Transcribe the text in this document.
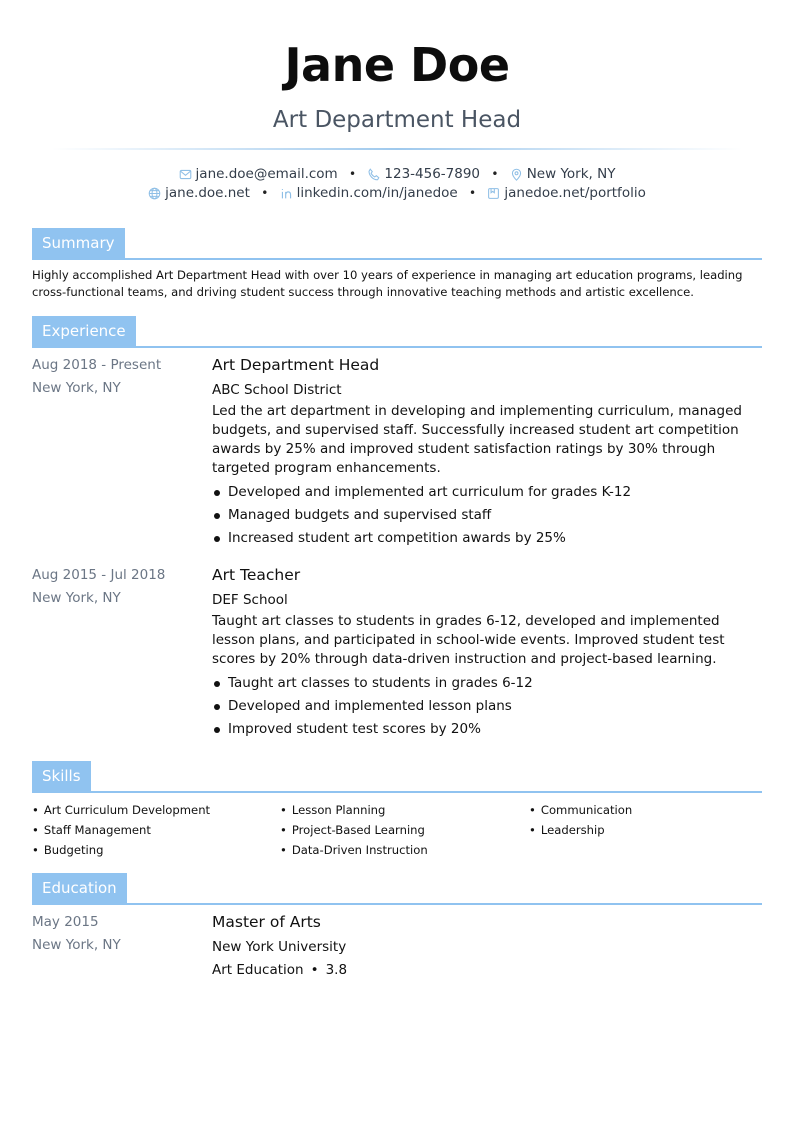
Jane Doe
Art Department Head
jane.doe@email.com • 123-456-7890 • New York, NY
jane.doe.net • linkedin.com/in/janedoe • janedoe.net/portfolio
Summary
Highly accomplished Art Department Head with over 10 years of experience in managing art education programs, leading cross-functional teams, and driving student success through innovative teaching methods and artistic excellence.
Experience
Aug 2018 - Present
New York, NY
Art Department Head
ABC School District
Led the art department in developing and implementing curriculum, managed budgets, and supervised staff. Successfully increased student art competition awards by 25% and improved student satisfaction ratings by 30% through targeted program enhancements.
Developed and implemented art curriculum for grades K-12
Managed budgets and supervised staff
Increased student art competition awards by 25%
Aug 2015 - Jul 2018
New York, NY
Art Teacher
DEF School
Taught art classes to students in grades 6-12, developed and implemented lesson plans, and participated in school-wide events. Improved student test scores by 20% through data-driven instruction and project-based learning.
Taught art classes to students in grades 6-12
Developed and implemented lesson plans
Improved student test scores by 20%
Skills
• Art Curriculum Development
• Staff Management
• Budgeting
• Lesson Planning
• Project-Based Learning
• Data-Driven Instruction
• Communication
• Leadership
Education
May 2015
New York, NY
Master of Arts
New York University
Art Education • 3.8
